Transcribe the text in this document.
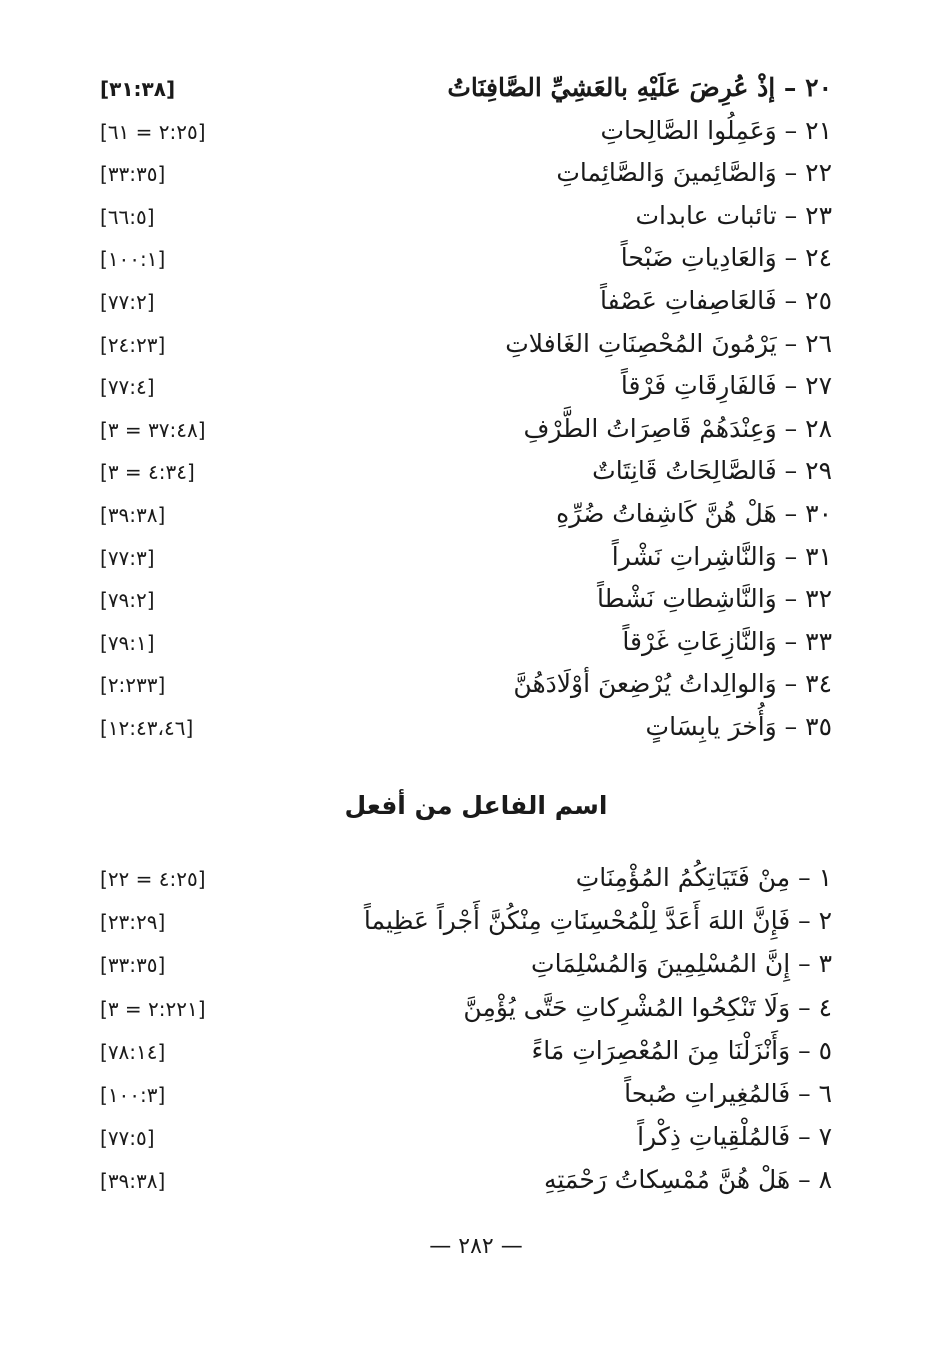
٢٠ – إذْ عُرِضَ عَلَيْهِ بالعَشِيِّ الصَّافِنَاتُ
[٣١:٣٨]
٢١ – وَعَمِلُوا الصَّالِحاتِ
[٢:٢٥ = ٦١]
٢٢ – وَالصَّائِمينَ وَالصَّائِماتِ
[٣٣:٣٥]
٢٣ – تائبات عابدات
[٦٦:٥]
٢٤ – وَالعَادِياتِ ضَبْحاً
[١٠٠:١]
٢٥ – فَالعَاصِفاتِ عَصْفاً
[٧٧:٢]
٢٦ – يَرْمُونَ المُحْصِنَاتِ الغَافلاتِ
[٢٤:٢٣]
٢٧ – فَالفَارِقَاتِ فَرْقاً
[٧٧:٤]
٢٨ – وَعِنْدَهُمْ قَاصِرَاتُ الطَّرْفِ
[٣٧:٤٨ = ٣]
٢٩ – فَالصَّالِحَاتُ قَانِتَاتٌ
[٤:٣٤ = ٣]
٣٠ – هَلْ هُنَّ كَاشِفاتُ ضُرِّهِ
[٣٩:٣٨]
٣١ – وَالنَّاشِراتِ نَشْراً
[٧٧:٣]
٣٢ – وَالنَّاشِطاتِ نَشْطاً
[٧٩:٢]
٣٣ – وَالنَّازِعَاتِ غَرْقاً
[٧٩:١]
٣٤ – وَالوالِداتُ يُرْضِعنَ أوْلَادَهُنَّ
[٢:٢٣٣]
٣٥ – وَأُخرَ يابِسَاتٍ
[١٢:٤٣،٤٦]
اسم الفاعل من أفعل
١ – مِنْ فَتَيَاتِكُمُ المُؤْمِنَاتِ
[٤:٢٥ = ٢٢]
٢ – فَإِنَّ اللهَ أَعَدَّ لِلْمُحْسِنَاتِ مِنْكُنَّ أَجْراً عَظِيماً
[٢٣:٢٩]
٣ – إِنَّ المُسْلِمِينَ وَالمُسْلِمَاتِ
[٣٣:٣٥]
٤ – وَلَا تَنْكِحُوا المُشْرِكاتِ حَتَّى يُؤْمِنَّ
[٢:٢٢١ = ٣]
٥ – وَأَنْزَلْنَا مِنَ المُعْصِرَاتِ مَاءً
[٧٨:١٤]
٦ – فَالمُغِيراتِ صُبحاً
[١٠٠:٣]
٧ – فَالمُلْقِياتِ ذِكْراً
[٧٧:٥]
٨ – هَلْ هُنَّ مُمْسِكاتُ رَحْمَتِهِ
[٣٩:٣٨]
— ٢٨٢ —
